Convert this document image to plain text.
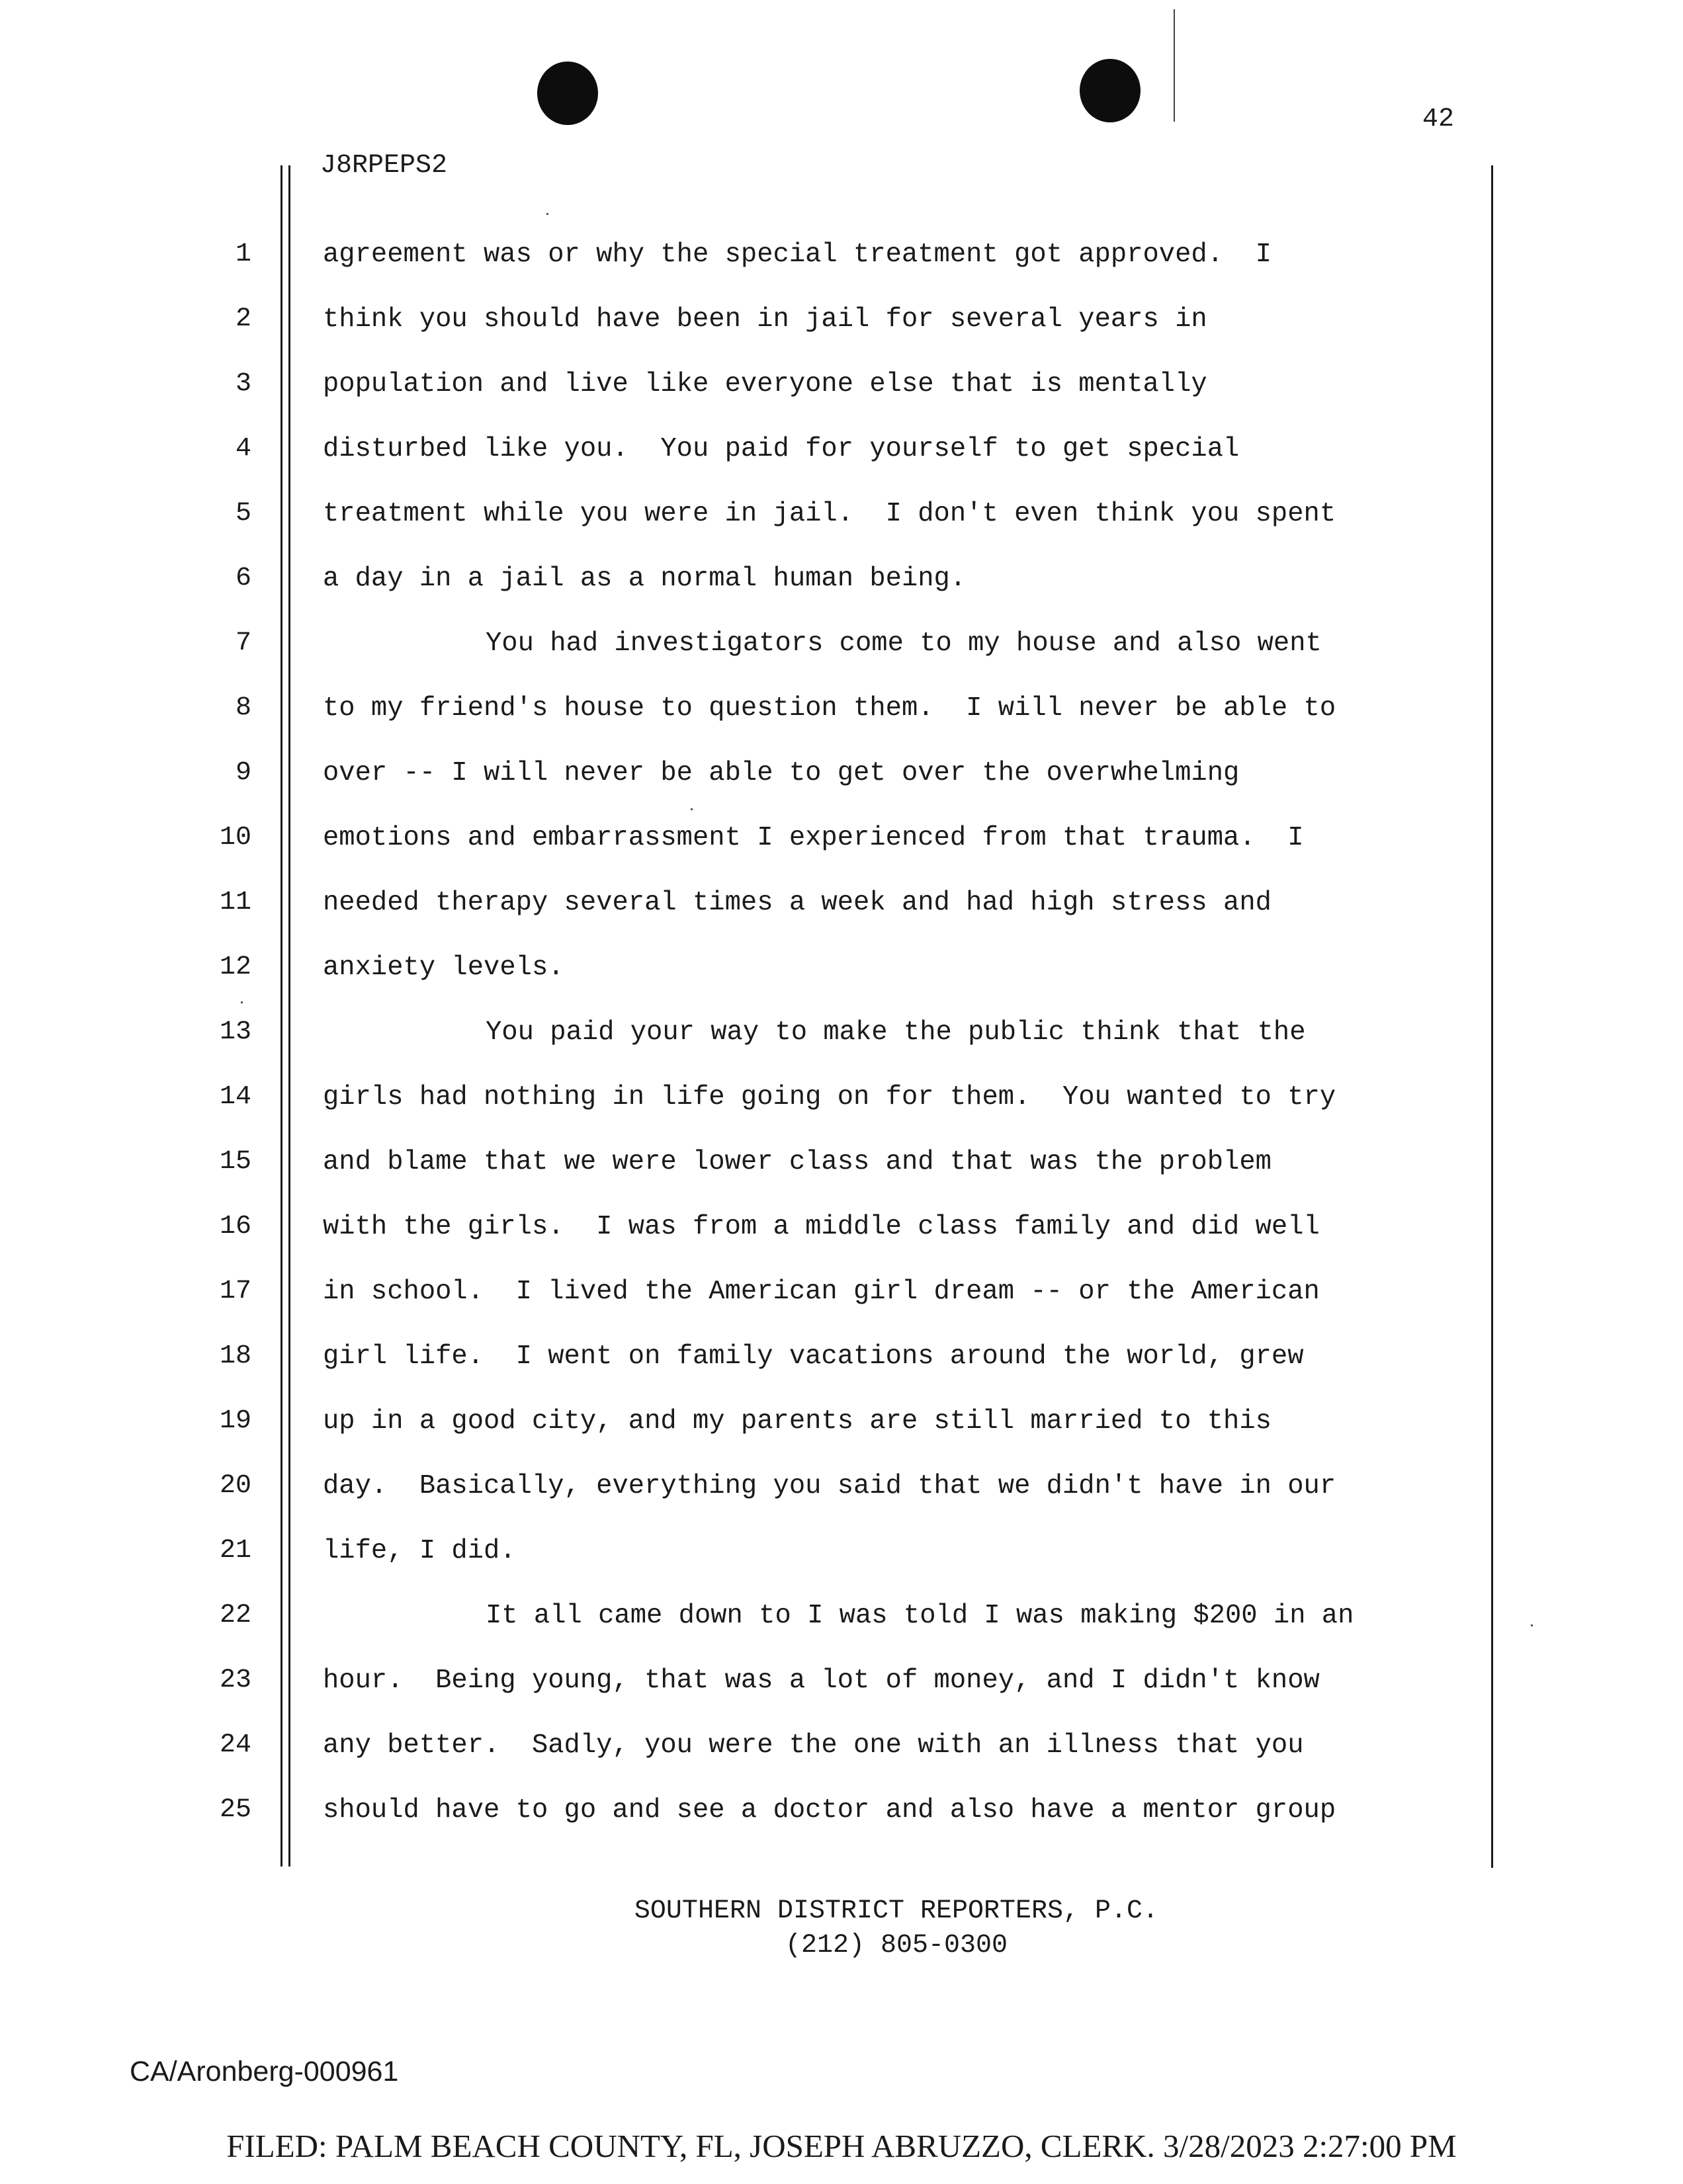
42
J8RPEPS2
1	agreement was or why the special treatment got approved.  I
2	think you should have been in jail for several years in
3	population and live like everyone else that is mentally
4	disturbed like you.  You paid for yourself to get special
5	treatment while you were in jail.  I don't even think you spent
6	a day in a jail as a normal human being.
7	You had investigators come to my house and also went
8	to my friend's house to question them.  I will never be able to
9	over -- I will never be able to get over the overwhelming
10	emotions and embarrassment I experienced from that trauma.  I
11	needed therapy several times a week and had high stress and
12	anxiety levels.
13	You paid your way to make the public think that the
14	girls had nothing in life going on for them.  You wanted to try
15	and blame that we were lower class and that was the problem
16	with the girls.  I was from a middle class family and did well
17	in school.  I lived the American girl dream -- or the American
18	girl life.  I went on family vacations around the world, grew
19	up in a good city, and my parents are still married to this
20	day.  Basically, everything you said that we didn't have in our
21	life, I did.
22	It all came down to I was told I was making $200 in an
23	hour.  Being young, that was a lot of money, and I didn't know
24	any better.  Sadly, you were the one with an illness that you
25	should have to go and see a doctor and also have a mentor group
SOUTHERN DISTRICT REPORTERS, P.C.
(212) 805-0300
CA/Aronberg-000961
FILED: PALM BEACH COUNTY, FL, JOSEPH ABRUZZO, CLERK. 3/28/2023 2:27:00 PM
